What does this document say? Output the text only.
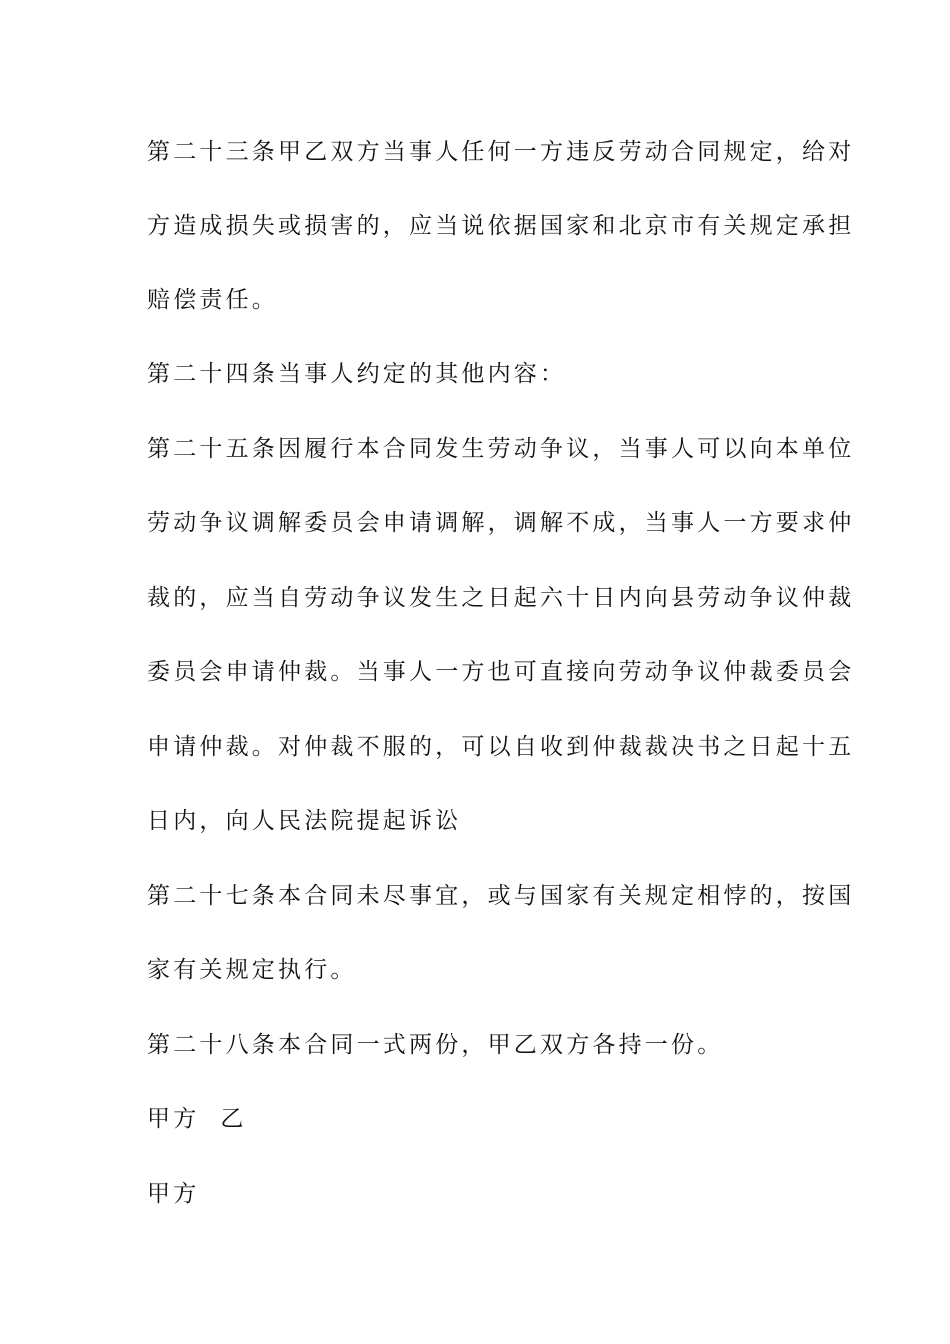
第二十三条甲乙双方当事人任何一方违反劳动合同规定，给对
方造成损失或损害的，应当说依据国家和北京市有关规定承担
赔偿责任。
第二十四条当事人约定的其他内容：
第二十五条因履行本合同发生劳动争议，当事人可以向本单位
劳动争议调解委员会申请调解，调解不成，当事人一方要求仲
裁的，应当自劳动争议发生之日起六十日内向县劳动争议仲裁
委员会申请仲裁。当事人一方也可直接向劳动争议仲裁委员会
申请仲裁。对仲裁不服的，可以自收到仲裁裁决书之日起十五
日内，向人民法院提起诉讼
第二十七条本合同未尽事宜，或与国家有关规定相悖的，按国
家有关规定执行。
第二十八条本合同一式两份，甲乙双方各持一份。
甲方  乙
甲方
